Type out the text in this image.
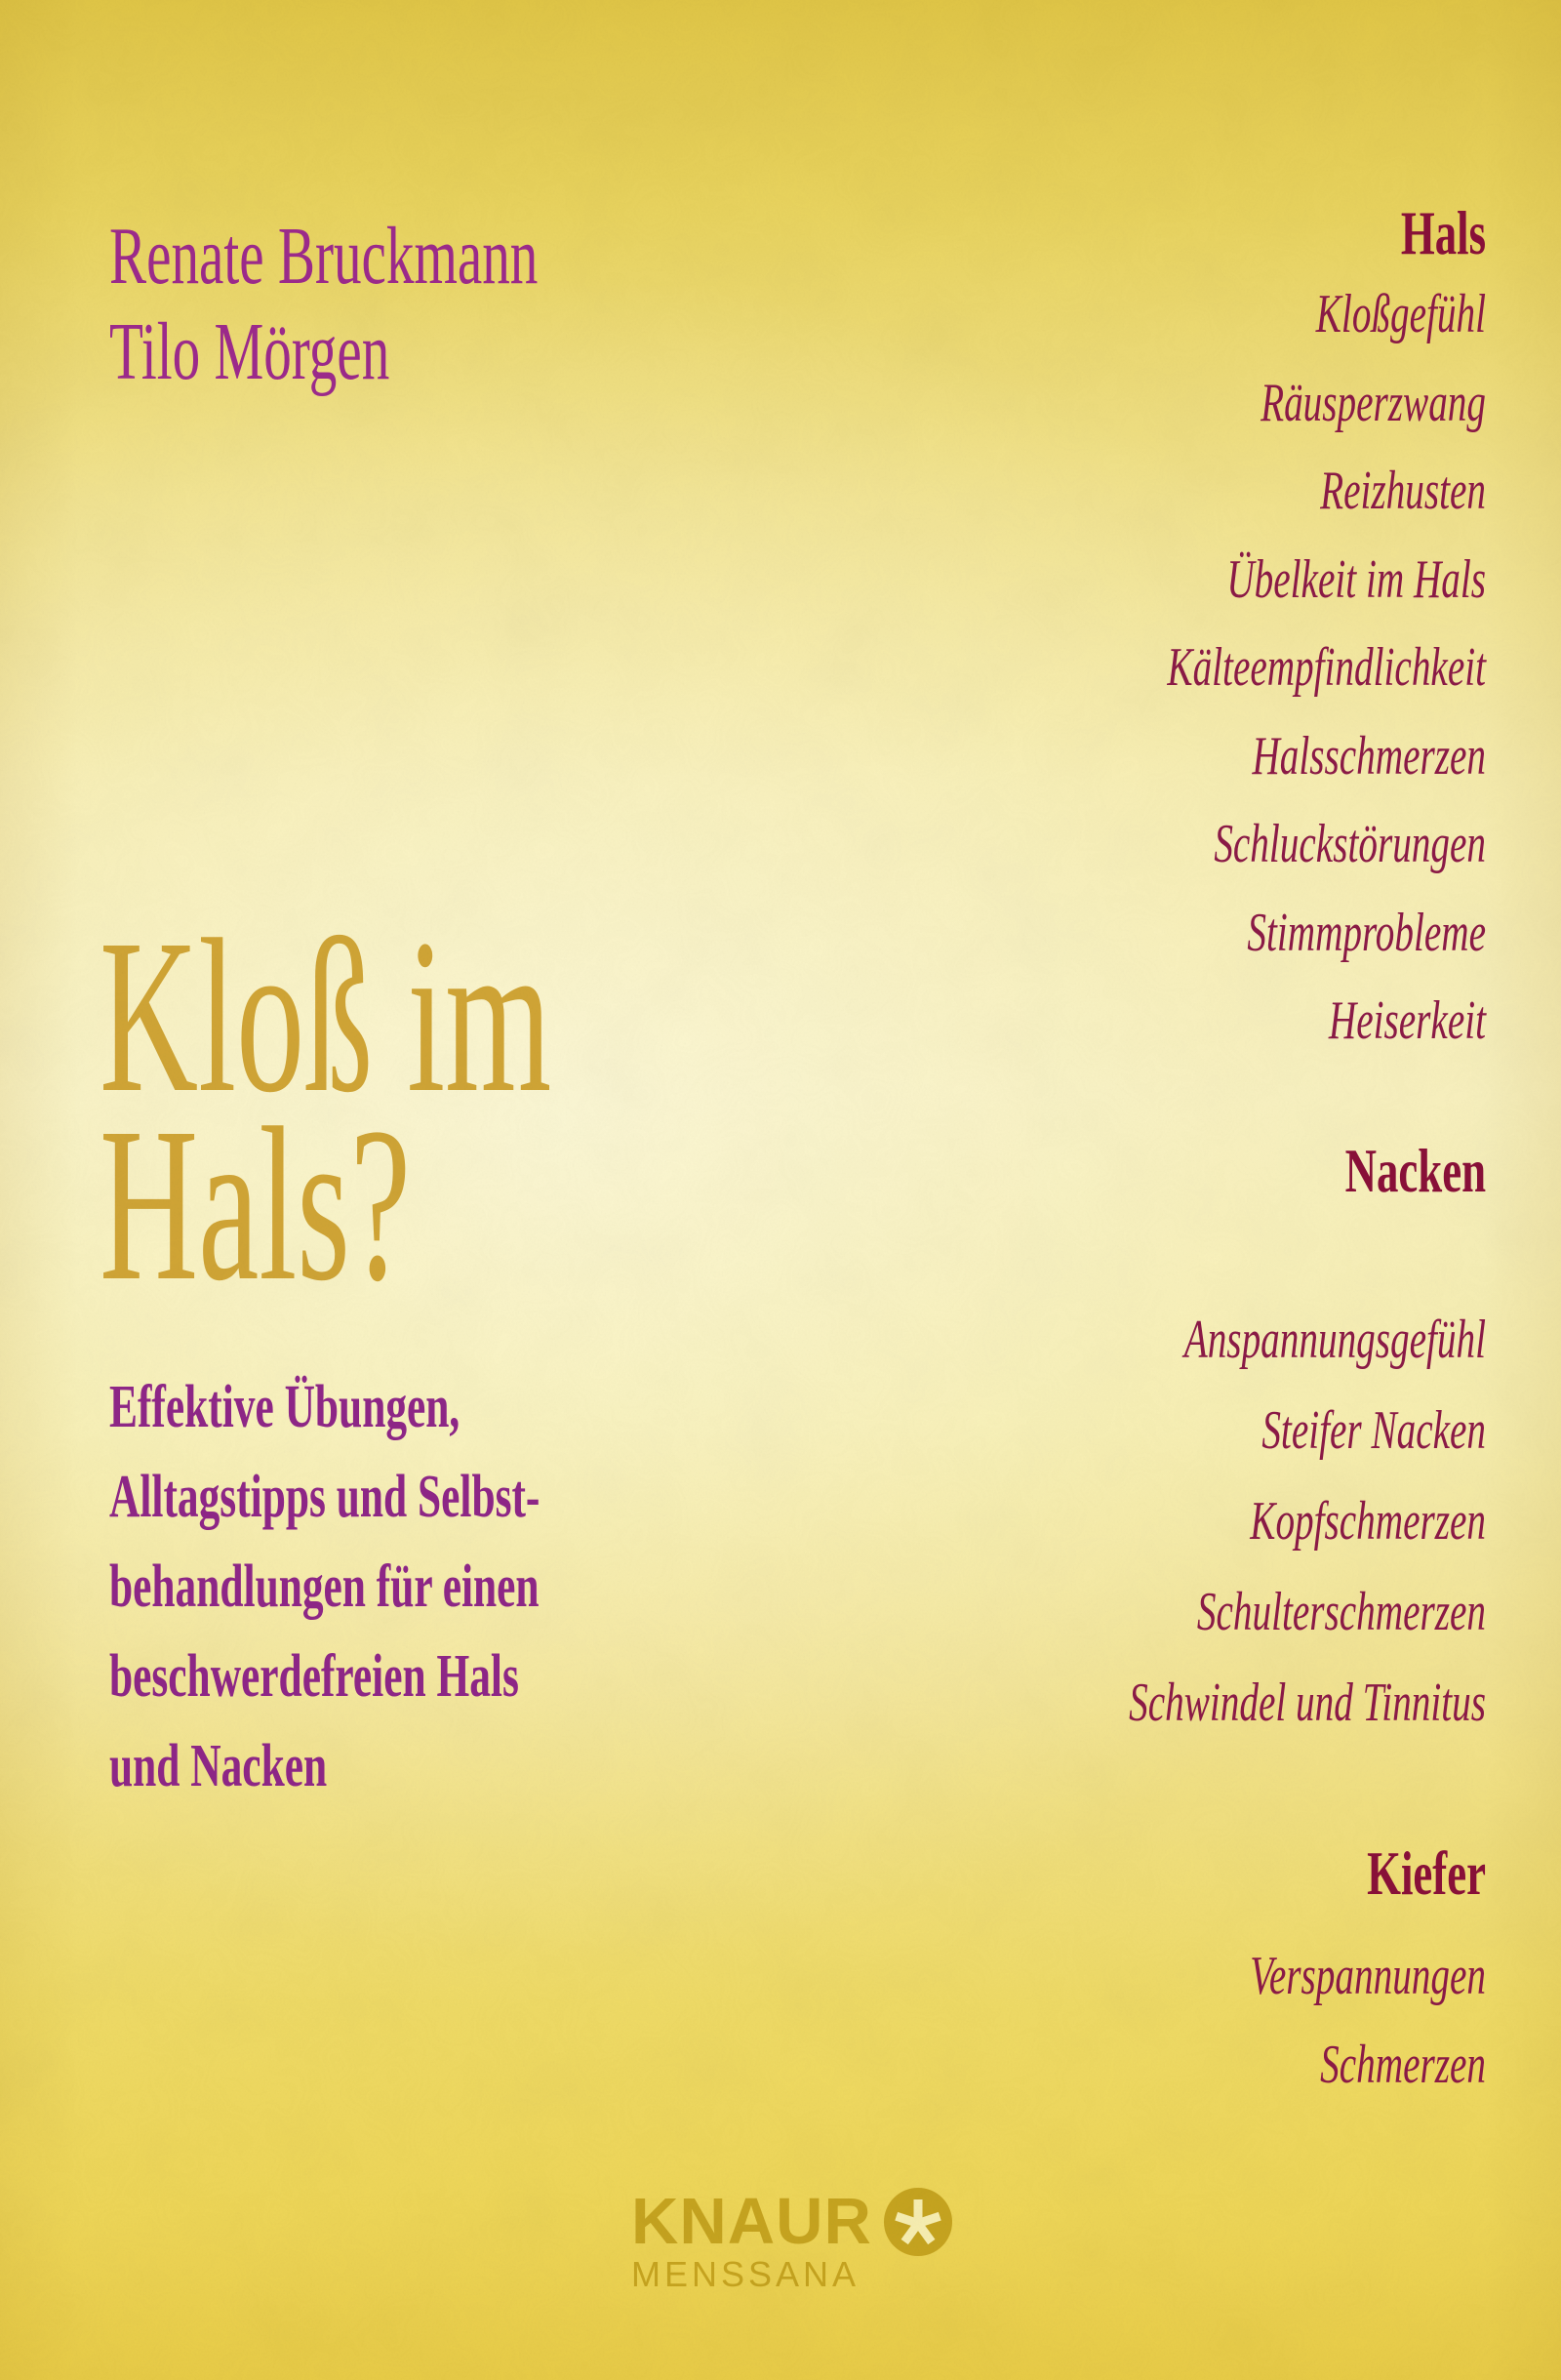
Renate Bruckmann
Tilo Mörgen
Kloß im
Hals?
Effektive Übungen,
Alltagstipps und Selbst-
behandlungen für einen
beschwerdefreien Hals
und Nacken
Hals
Kloßgefühl
Räusperzwang
Reizhusten
Übelkeit im Hals
Kälteempfindlichkeit
Halsschmerzen
Schluckstörungen
Stimmprobleme
Heiserkeit
Nacken
Anspannungsgefühl
Steifer Nacken
Kopfschmerzen
Schulterschmerzen
Schwindel und Tinnitus
Kiefer
Verspannungen
Schmerzen
KNAUR
MENSSANA
